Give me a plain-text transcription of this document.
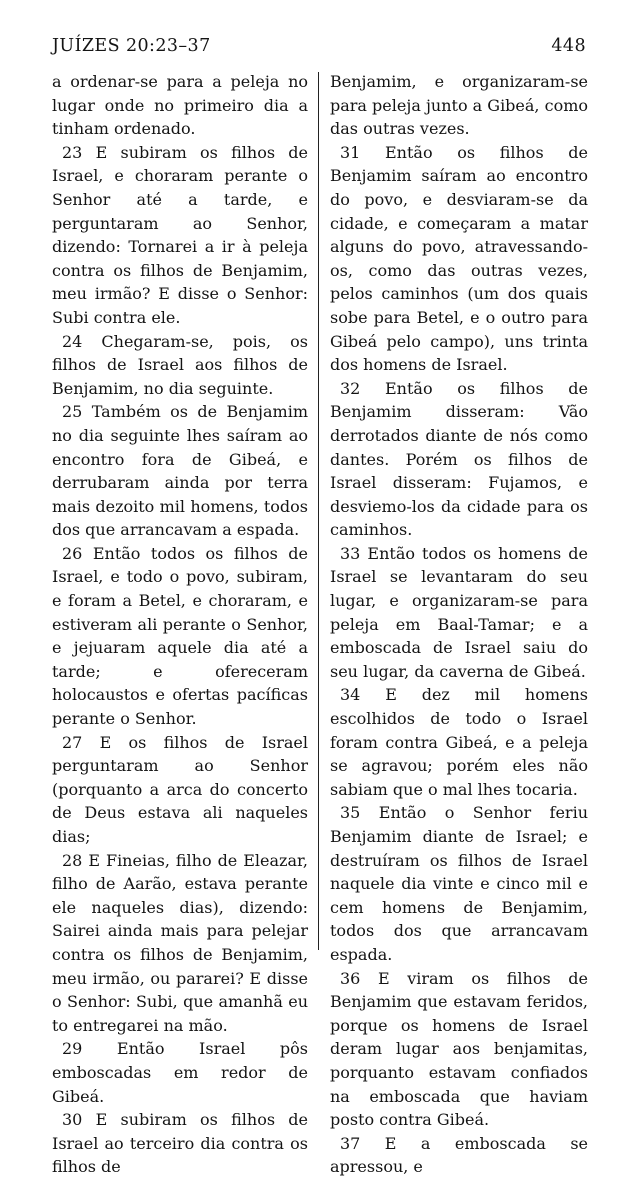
JUÍZES 20:23–37	448

a ordenar-se para a peleja no lugar onde no primeiro dia a tinham ordenado.

23 E subiram os filhos de Israel, e choraram perante o Senhor até a tarde, e perguntaram ao Senhor, dizendo: Tornarei a ir à peleja contra os filhos de Benjamim, meu irmão? E disse o Senhor: Subi contra ele.

24 Chegaram-se, pois, os filhos de Israel aos filhos de Benjamim, no dia seguinte.

25 Também os de Benjamim no dia seguinte lhes saíram ao encontro fora de Gibeá, e derrubaram ainda por terra mais dezoito mil homens, todos dos que arrancavam a espada.

26 Então todos os filhos de Israel, e todo o povo, subiram, e foram a Betel, e choraram, e estiveram ali perante o Senhor, e jejuaram aquele dia até a tarde; e ofereceram holocaustos e ofertas pacíficas perante o Senhor.

27 E os filhos de Israel perguntaram ao Senhor (porquanto a arca do concerto de Deus estava ali naqueles dias;

28 E Fineias, filho de Eleazar, filho de Aarão, estava perante ele naqueles dias), dizendo: Sairei ainda mais para pelejar contra os filhos de Benjamim, meu irmão, ou pararei? E disse o Senhor: Subi, que amanhã eu to entregarei na mão.

29 Então Israel pôs emboscadas em redor de Gibeá.

30 E subiram os filhos de Israel ao terceiro dia contra os filhos de

Benjamim, e organizaram-se para peleja junto a Gibeá, como das outras vezes.

31 Então os filhos de Benjamim saíram ao encontro do povo, e desviaram-se da cidade, e começaram a matar alguns do povo, atravessando-os, como das outras vezes, pelos caminhos (um dos quais sobe para Betel, e o outro para Gibeá pelo campo), uns trinta dos homens de Israel.

32 Então os filhos de Benjamim disseram: Vão derrotados diante de nós como dantes. Porém os filhos de Israel disseram: Fujamos, e desviemo-los da cidade para os caminhos.

33 Então todos os homens de Israel se levantaram do seu lugar, e organizaram-se para peleja em Baal-Tamar; e a emboscada de Israel saiu do seu lugar, da caverna de Gibeá.

34 E dez mil homens escolhidos de todo o Israel foram contra Gibeá, e a peleja se agravou; porém eles não sabiam que o mal lhes tocaria.

35 Então o Senhor feriu Benjamim diante de Israel; e destruíram os filhos de Israel naquele dia vinte e cinco mil e cem homens de Benjamim, todos dos que arrancavam espada.

36 E viram os filhos de Benjamim que estavam feridos, porque os homens de Israel deram lugar aos benjamitas, porquanto estavam confiados na emboscada que haviam posto contra Gibeá.

37 E a emboscada se apressou, e
